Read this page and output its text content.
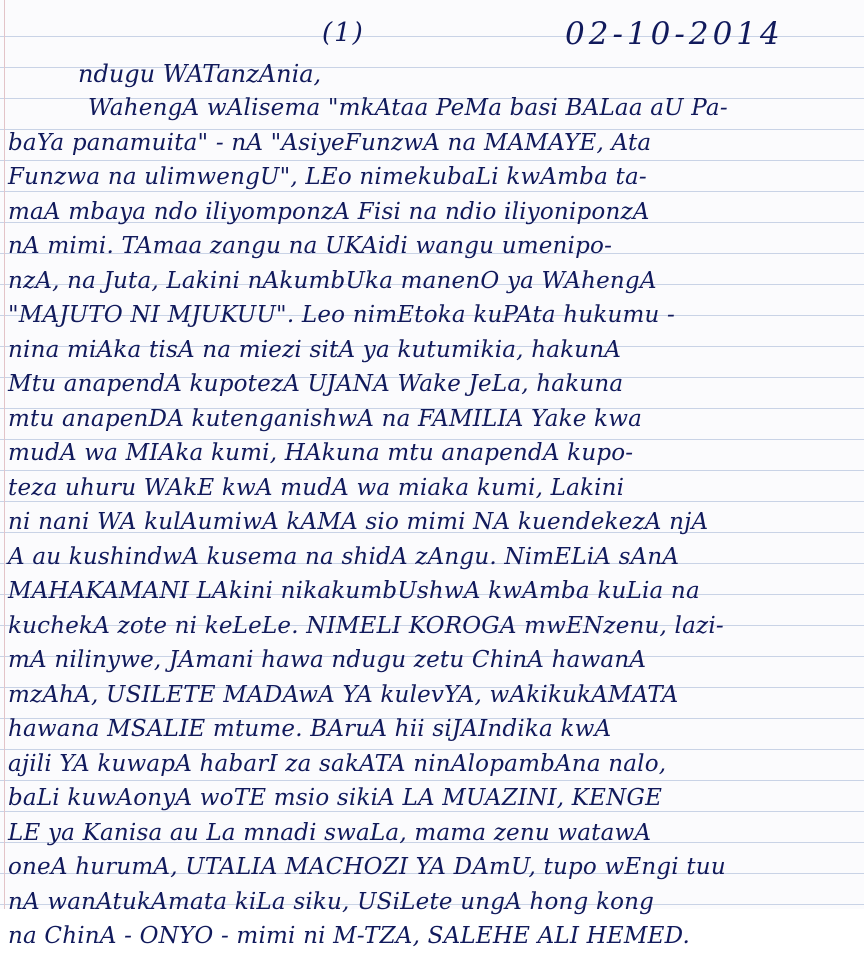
(1)	02-10-2014
ndugu WATanzAnia,
WahengA wAlisema "mkAtaa PeMa basi BALaa aU Pa-
baYa panamuita" - nA "AsiyeFunzwA na MAMAYE, Ata
Funzwa na ulimwengU", LEo nimekubaLi kwAmba ta-
maA mbaya ndo iliyomponzA Fisi na ndio iliyoniponzA
nA mimi. TAmaa zangu na UKAidi wangu umenipo-
nzA, na Juta, Lakini nAkumbUka manenO ya WAhengA
"MAJUTO NI MJUKUU". Leo nimEtoka kuPAta hukumu -
nina miAka tisA na miezi sitA ya kutumikia, hakunA
Mtu anapendA kupotezA UJANA Wake JeLa, hakuna
mtu anapenDA kutenganishwA na FAMILIA Yake kwa
mudA wa MIAka kumi, HAkuna mtu anapendA kupo-
teza uhuru WAkE kwA mudA wa miaka kumi, Lakini
ni nani WA kulAumiwA kAMA sio mimi NA kuendekezA njA
A au kushindwA kusema na shidA zAngu. NimELiA sAnA
MAHAKAMANI LAkini nikakumbUshwA kwAmba kuLia na
kuchekA zote ni keLeLe. NIMELI KOROGA mwENzenu, lazi-
mA nilinywe, JAmani hawa ndugu zetu ChinA hawanA
mzAhA, USILETE MADAwA YA kulevYA, wAkikukAMATA
hawana MSALIE mtume. BAruA hii siJAIndika kwA
ajili YA kuwapA habarI za sakATA ninAlopambAna nalo,
baLi kuwAonyA woTE msio sikiA LA MUAZINI, KENGE
LE ya Kanisa au La mnadi swaLa, mama zenu watawA
oneA hurumA, UTALIA MACHOZI YA DAmU, tupo wEngi tuu
nA wanAtukAmata kiLa siku, USiLete ungA hong kong
na ChinA - ONYO - mimi ni M-TZA, SALEHE ALI HEMED.
